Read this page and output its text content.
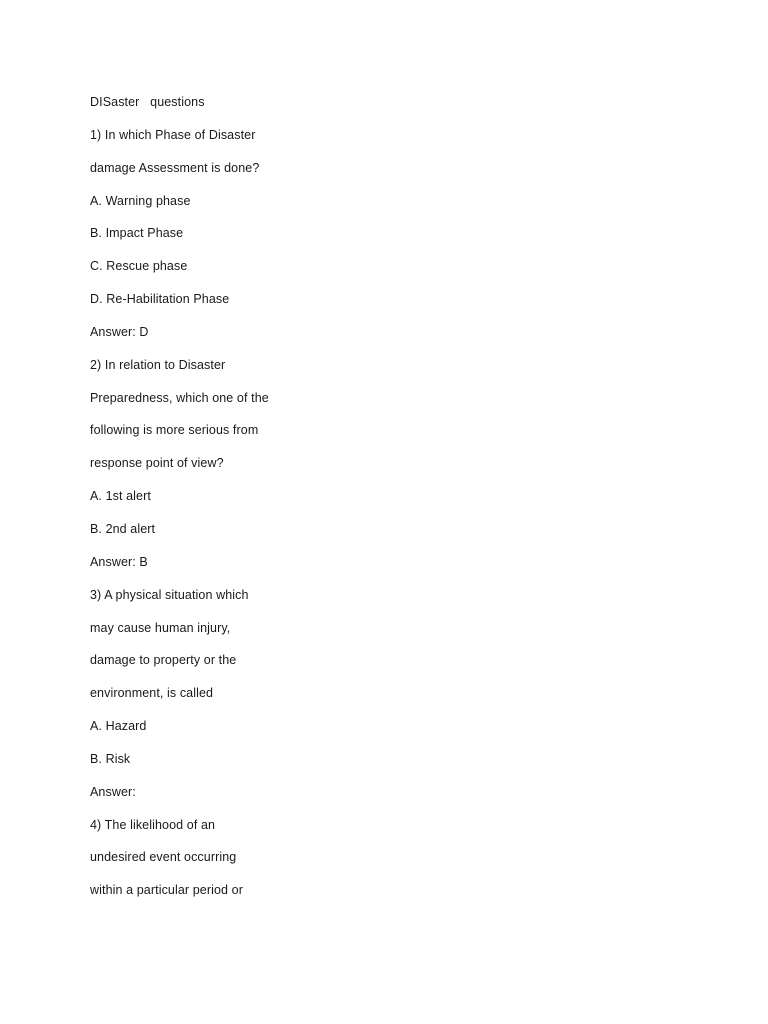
DISaster   questions
1) In which Phase of Disaster
damage Assessment is done?
A. Warning phase
B. Impact Phase
C. Rescue phase
D. Re-Habilitation Phase
Answer: D
2) In relation to Disaster
Preparedness, which one of the
following is more serious from
response point of view?
A. 1st alert
B. 2nd alert
Answer: B
3) A physical situation which
may cause human injury,
damage to property or the
environment, is called
A. Hazard
B. Risk
Answer:
4) The likelihood of an
undesired event occurring
within a particular period or
